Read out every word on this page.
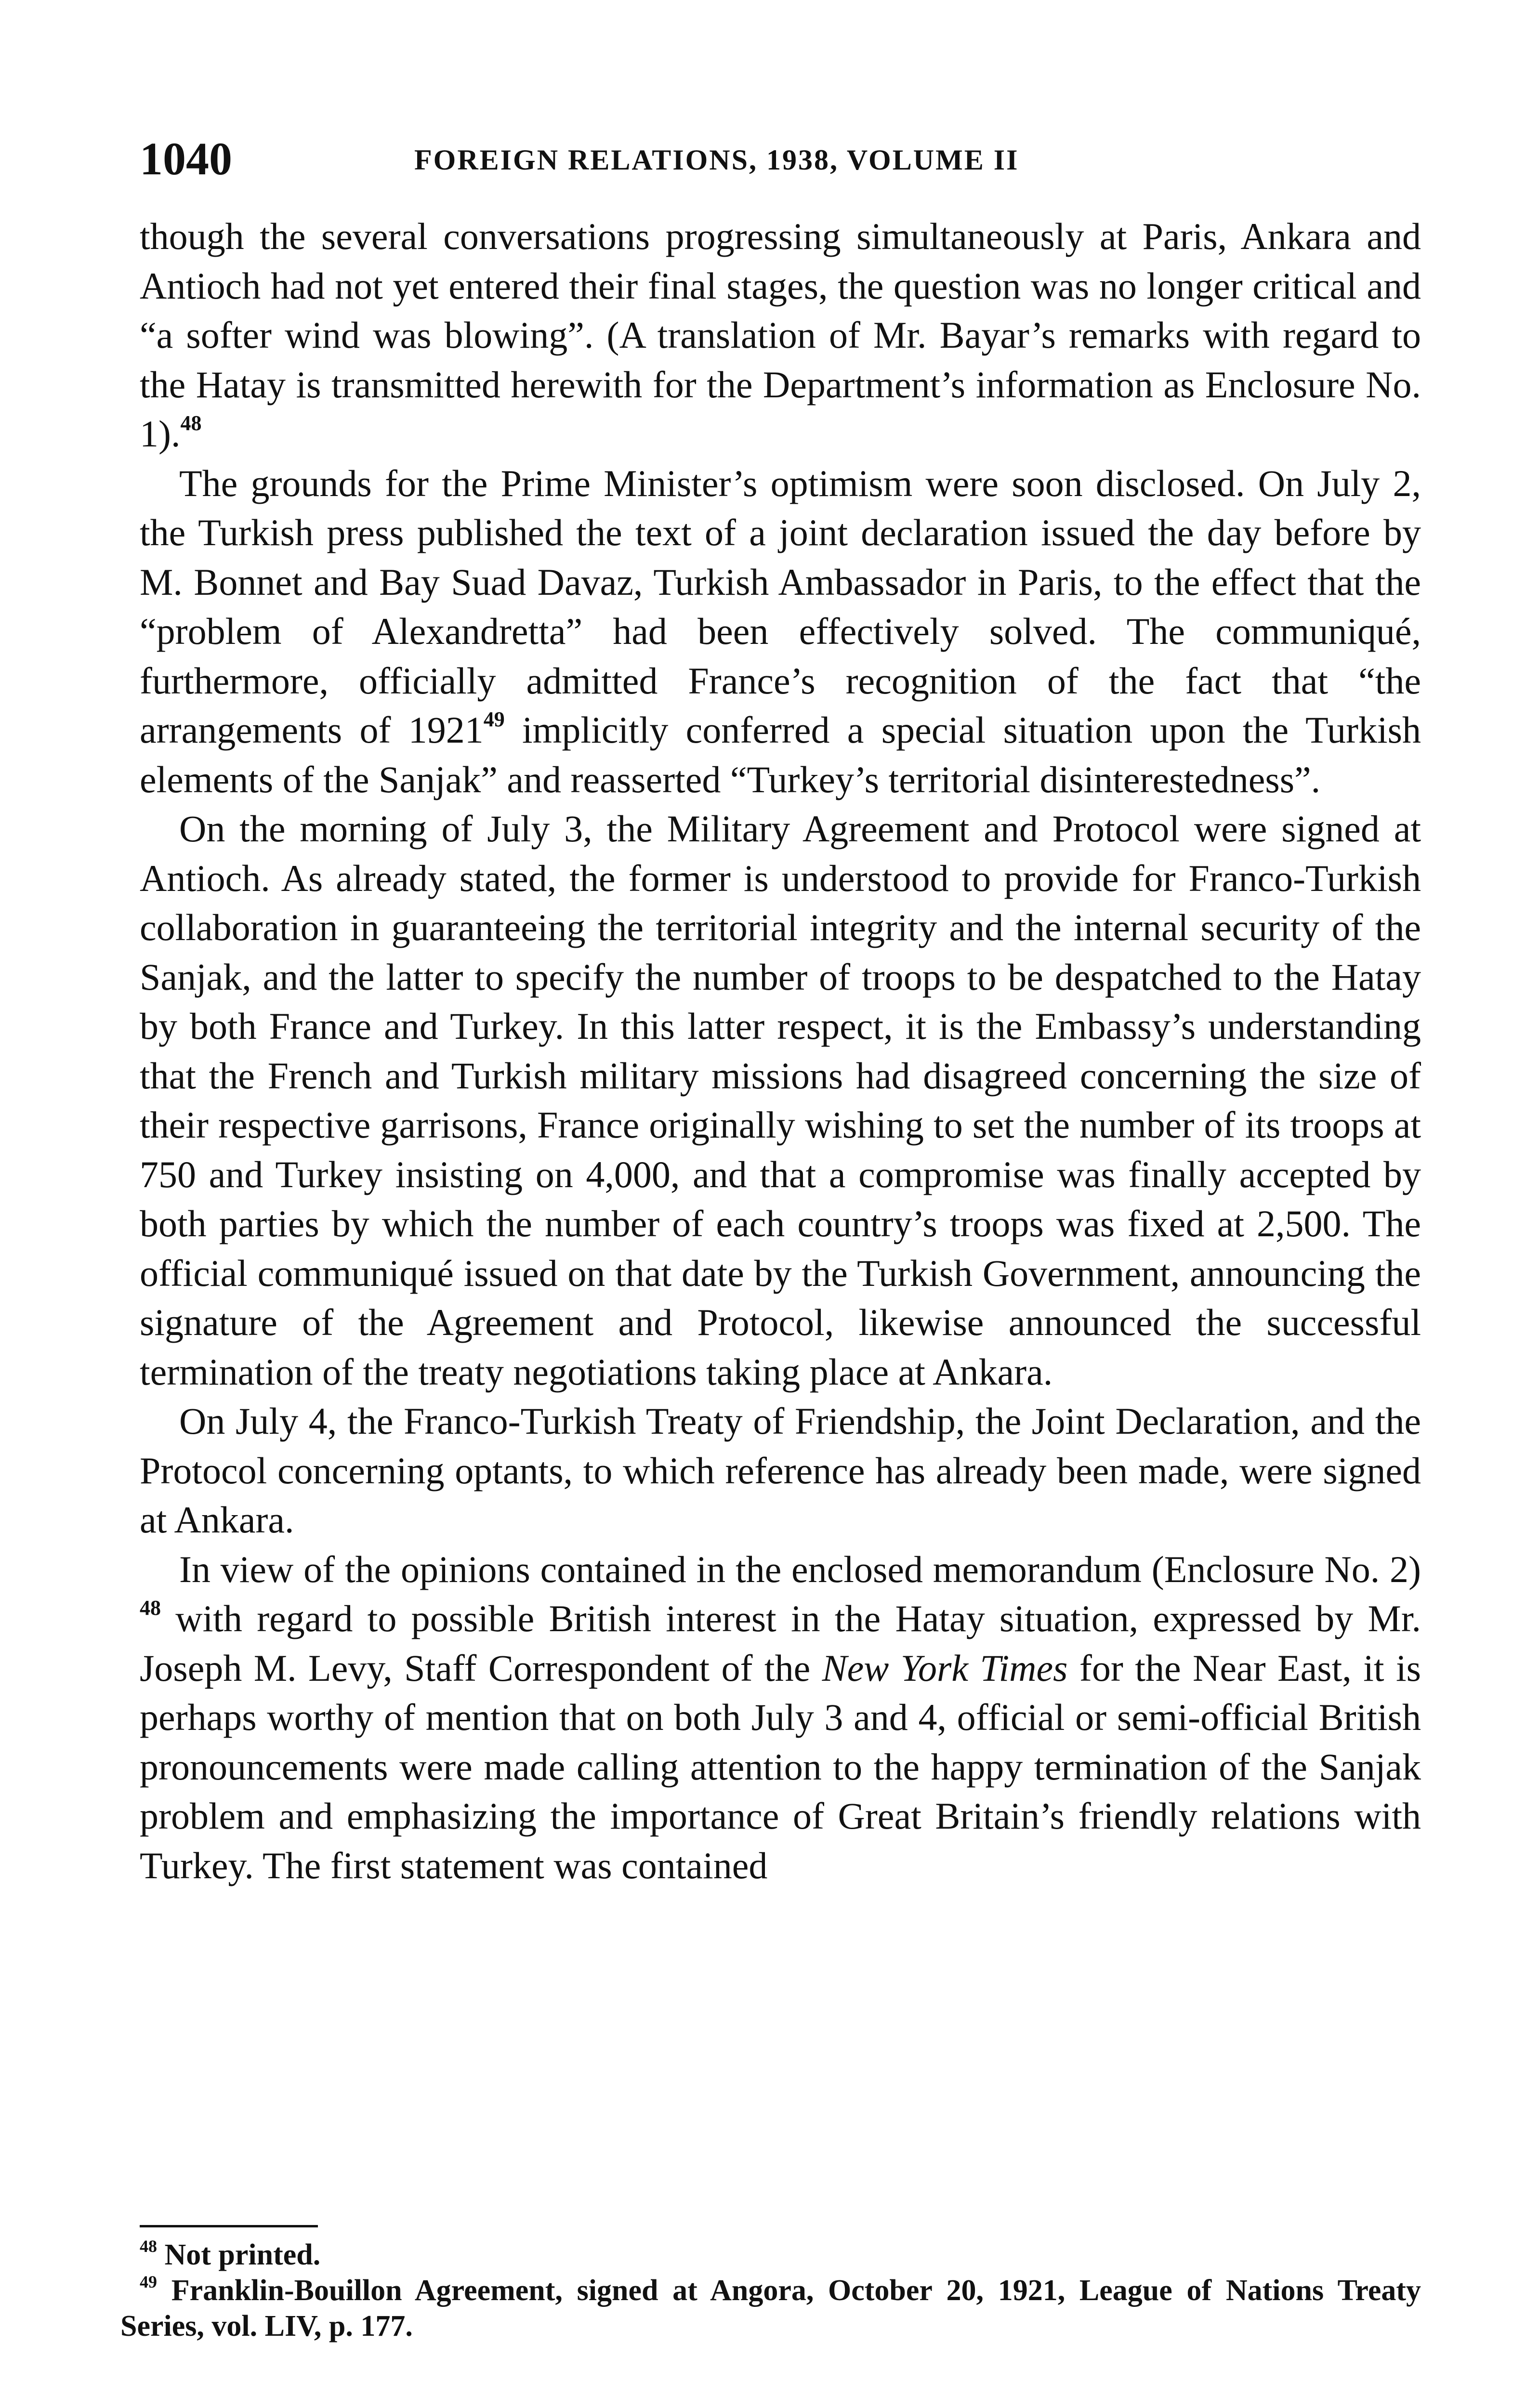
1040	FOREIGN RELATIONS, 1938, VOLUME II

though the several conversations progressing simultaneously at Paris, Ankara and Antioch had not yet entered their final stages, the question was no longer critical and “a softer wind was blowing”. (A translation of Mr. Bayar’s remarks with regard to the Hatay is transmitted herewith for the Department’s information as Enclosure No. 1).$^{48}$

The grounds for the Prime Minister’s optimism were soon disclosed. On July 2, the Turkish press published the text of a joint declaration issued the day before by M. Bonnet and Bay Suad Davaz, Turkish Ambassador in Paris, to the effect that the “problem of Alexandretta” had been effectively solved. The communiqué, furthermore, officially admitted France’s recognition of the fact that “the arrangements of 1921$^{49}$ implicitly conferred a special situation upon the Turkish elements of the Sanjak” and reasserted “Turkey’s territorial disinterestedness”.

On the morning of July 3, the Military Agreement and Protocol were signed at Antioch. As already stated, the former is understood to provide for Franco-Turkish collaboration in guaranteeing the territorial integrity and the internal security of the Sanjak, and the latter to specify the number of troops to be despatched to the Hatay by both France and Turkey. In this latter respect, it is the Embassy’s understanding that the French and Turkish military missions had disagreed concerning the size of their respective garrisons, France originally wishing to set the number of its troops at 750 and Turkey insisting on 4,000, and that a compromise was finally accepted by both parties by which the number of each country’s troops was fixed at 2,500. The official communiqué issued on that date by the Turkish Government, announcing the signature of the Agreement and Protocol, likewise announced the successful termination of the treaty negotiations taking place at Ankara.

On July 4, the Franco-Turkish Treaty of Friendship, the Joint Declaration, and the Protocol concerning optants, to which reference has already been made, were signed at Ankara.

In view of the opinions contained in the enclosed memorandum (Enclosure No. 2) $^{48}$ with regard to possible British interest in the Hatay situation, expressed by Mr. Joseph M. Levy, Staff Correspondent of the New York Times for the Near East, it is perhaps worthy of mention that on both July 3 and 4, official or semi-official British pronouncements were made calling attention to the happy termination of the Sanjak problem and emphasizing the importance of Great Britain’s friendly relations with Turkey. The first statement was contained

$^{48}$ Not printed.

$^{49}$ Franklin-Bouillon Agreement, signed at Angora, October 20, 1921, League of Nations Treaty Series, vol. LIV, p. 177.
